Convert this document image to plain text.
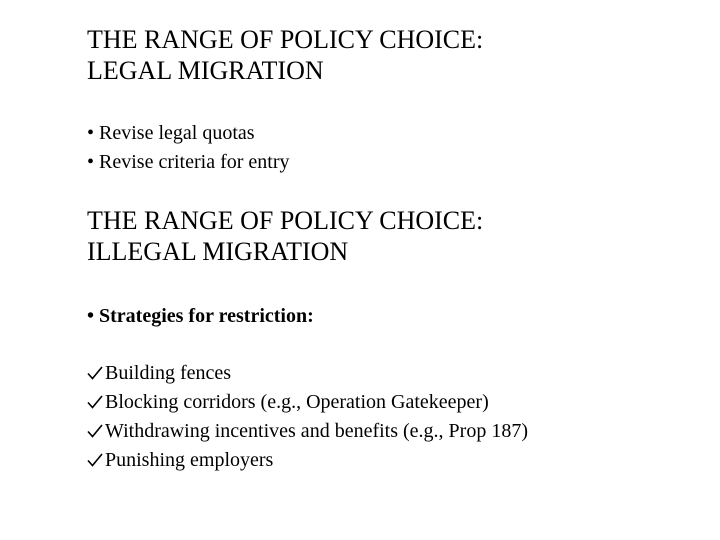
THE RANGE OF POLICY CHOICE:
LEGAL MIGRATION
• Revise legal quotas
• Revise criteria for entry
THE RANGE OF POLICY CHOICE:
ILLEGAL MIGRATION
• Strategies for restriction:
Building fences
Blocking corridors (e.g., Operation Gatekeeper)
Withdrawing incentives and benefits (e.g., Prop 187)
Punishing employers
